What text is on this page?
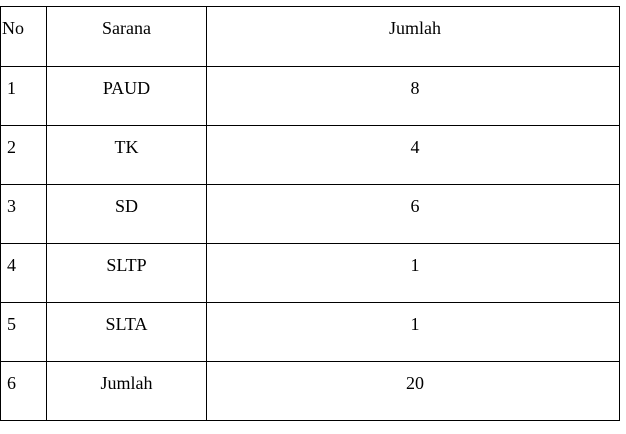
No	Sarana	Jumlah
1	PAUD	8
2	TK	4
3	SD	6
4	SLTP	1
5	SLTA	1
6	Jumlah	20
